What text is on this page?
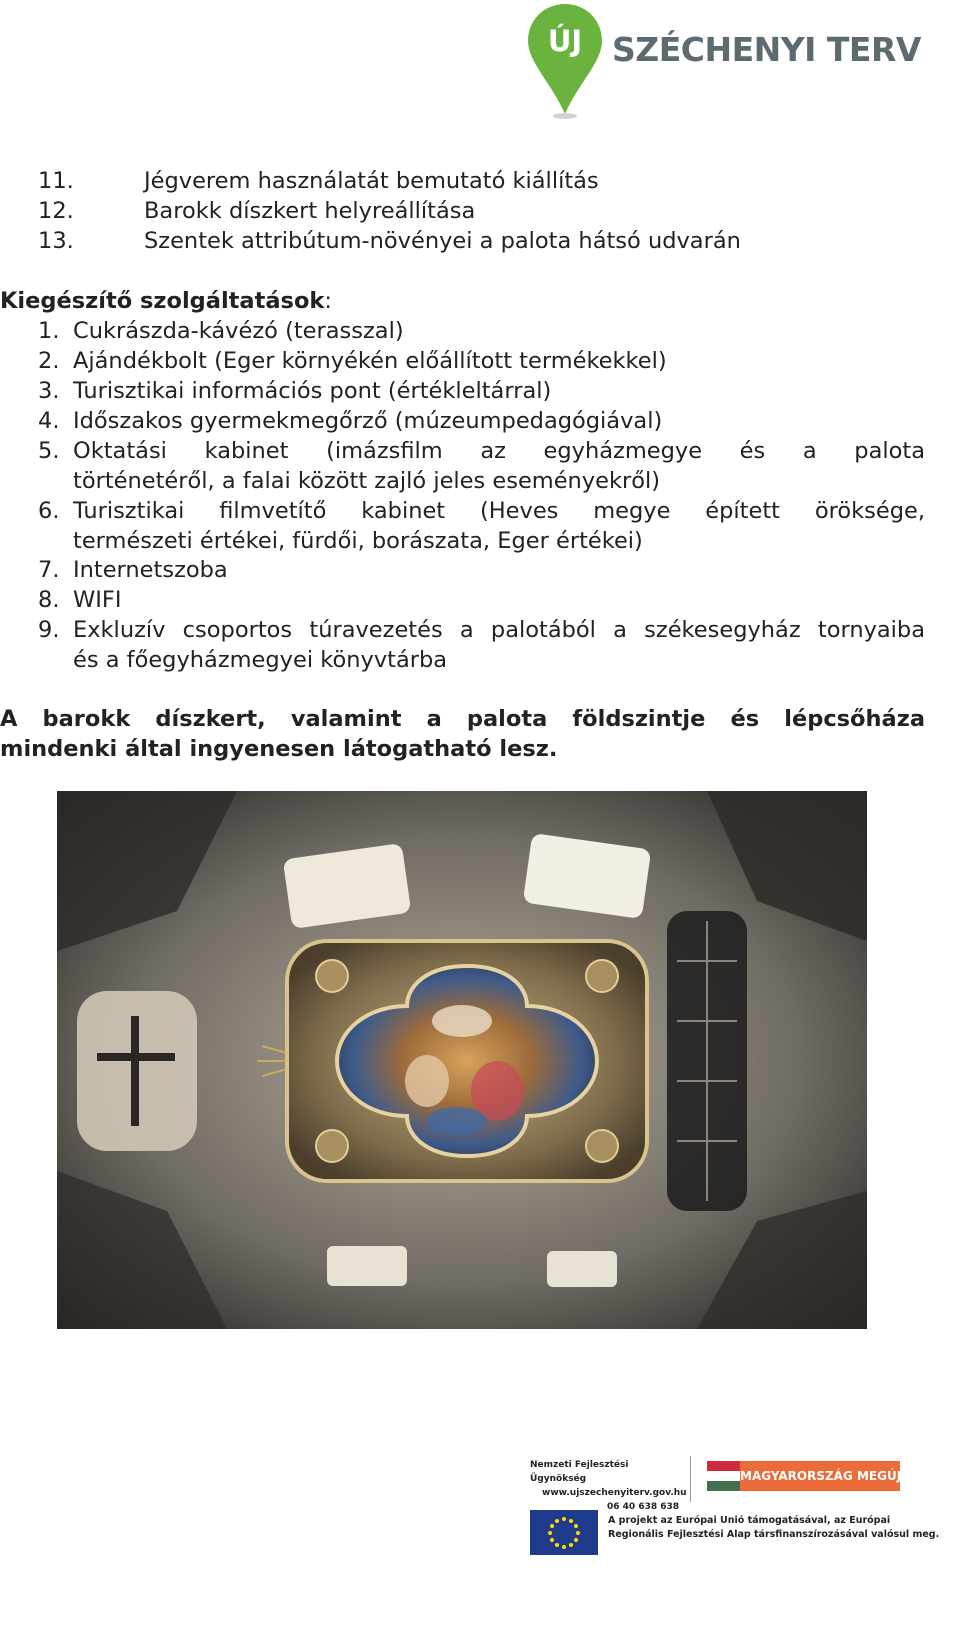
ÚJ SZÉCHENYI TERV
11.	Jégverem használatát bemutató kiállítás
12.	Barokk díszkert helyreállítása
13.	Szentek attribútum-növényei a palota hátsó udvarán
Kiegészítő szolgáltatások:
1. Cukrászda-kávézó (terasszal)
2. Ajándékbolt (Eger környékén előállított termékekkel)
3. Turisztikai információs pont (értékleltárral)
4. Időszakos gyermekmegőrző (múzeumpedagógiával)
5. Oktatási kabinet (imázsfilm az egyházmegye és a palota
történetéről, a falai között zajló jeles eseményekről)
6. Turisztikai filmvetítő kabinet (Heves megye épített öröksége,
természeti értékei, fürdői, borászata, Eger értékei)
7. Internetszoba
8. WIFI
9. Exkluzív csoportos túravezetés a palotából a székesegyház tornyaiba
és a főegyházmegyei könyvtárba
A barokk díszkert, valamint a palota földszintje és lépcsőháza
mindenki által ingyenesen látogatható lesz.
Nemzeti Fejlesztési Ügynökség
www.ujszechenyiterv.gov.hu
06 40 638 638
MAGYARORSZÁG MEGÚJUL
A projekt az Európai Unió támogatásával, az Európai
Regionális Fejlesztési Alap társfinanszírozásával valósul meg.
